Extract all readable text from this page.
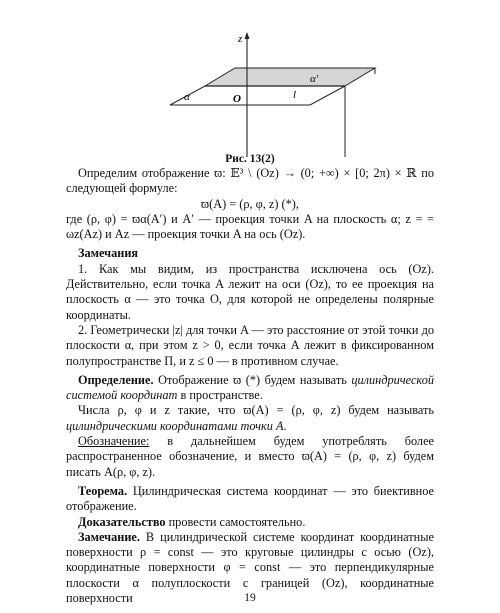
z
O
α
α′
l
Рис. 13(2)

Определим отображение ϖ: 𝔼³ \ (Oz) → (0; +∞) × [0; 2π) × ℝ по следующей формуле:

ϖ(A) = (ρ, φ, z) (*),

где (ρ, φ) = ϖα(A′) и A′ — проекция точки A на плоскость α; z = = ωz(Az) и Az — проекция точки A на ось (Oz).

Замечания

1. Как мы видим, из пространства исключена ось (Oz). Действительно, если точка A лежит на оси (Oz), то ее проекция на плоскость α — это точка O, для которой не определены полярные координаты.

2. Геометрически |z| для точки A — это расстояние от этой точки до плоскости α, при этом z > 0, если точка A лежит в фиксированном полупространстве Π, и z ≤ 0 — в противном случае.

Определение. Отображение ϖ (*) будем называть цилиндрической системой координат в пространстве.

Числа ρ, φ и z такие, что ϖ(A) = (ρ, φ, z) будем называть цилиндрическими координатами точки A.

Обозначение: в дальнейшем будем употреблять более распространенное обозначение, и вместо ϖ(A) = (ρ, φ, z) будем писать A(ρ, φ, z).

Теорема. Цилиндрическая система координат — это биективное отображение.

Доказательство провести самостоятельно.

Замечание. В цилиндрической системе координат координатные поверхности ρ = const — это круговые цилиндры с осью (Oz), координатные поверхности φ = const — это перпендикулярные плоскости α полуплоскости с границей (Oz), координатные поверхности	19
